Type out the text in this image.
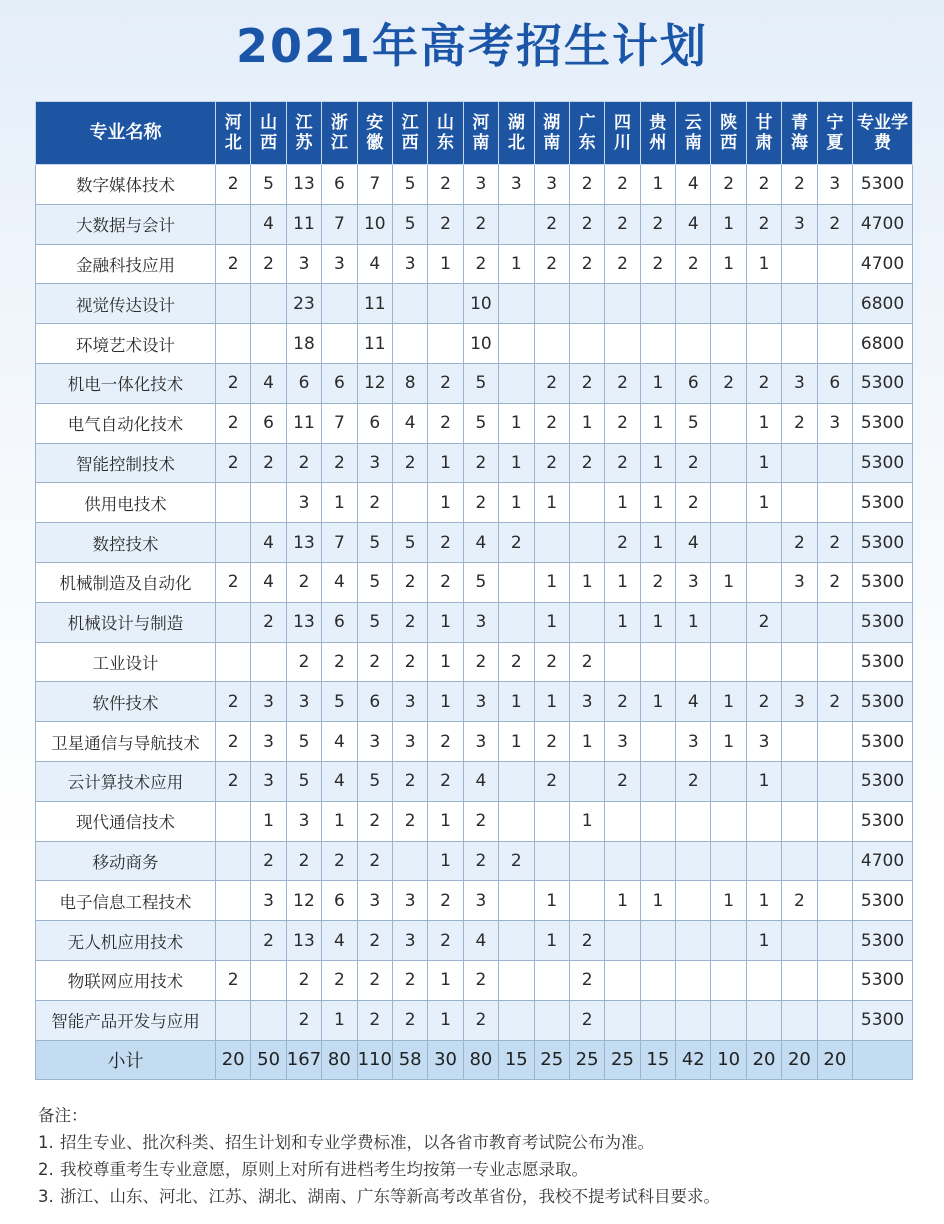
2021年高考招生计划
专业名称	河北	山西	江苏	浙江	安徽	江西	山东	河南	湖北	湖南	广东	四川	贵州	云南	陕西	甘肃	青海	宁夏	专业学费

数字媒体技术	2	5	13	6	7	5	2	3	3	3	2	2	1	4	2	2	2	3	5300
大数据与会计		4	11	7	10	5	2	2		2	2	2	2	4	1	2	3	2	4700
金融科技应用	2	2	3	3	4	3	1	2	1	2	2	2	2	2	1	1			4700
视觉传达设计			23		11			10											6800
环境艺术设计			18		11			10											6800
机电一体化技术	2	4	6	6	12	8	2	5		2	2	2	1	6	2	2	3	6	5300
电气自动化技术	2	6	11	7	6	4	2	5	1	2	1	2	1	5		1	2	3	5300
智能控制技术	2	2	2	2	3	2	1	2	1	2	2	2	1	2		1			5300
供用电技术			3	1	2		1	2	1	1		1	1	2		1			5300
数控技术		4	13	7	5	5	2	4	2			2	1	4			2	2	5300
机械制造及自动化	2	4	2	4	5	2	2	5		1	1	1	2	3	1		3	2	5300
机械设计与制造		2	13	6	5	2	1	3		1		1	1	1		2			5300
工业设计			2	2	2	2	1	2	2	2	2								5300
软件技术	2	3	3	5	6	3	1	3	1	1	3	2	1	4	1	2	3	2	5300
卫星通信与导航技术	2	3	5	4	3	3	2	3	1	2	1	3		3	1	3			5300
云计算技术应用	2	3	5	4	5	2	2	4		2		2		2		1			5300
现代通信技术		1	3	1	2	2	1	2			1								5300
移动商务		2	2	2	2		1	2	2										4700
电子信息工程技术		3	12	6	3	3	2	3		1		1	1		1	1	2		5300
无人机应用技术		2	13	4	2	3	2	4		1	2					1			5300
物联网应用技术	2		2	2	2	2	1	2			2								5300
智能产品开发与应用			2	1	2	2	1	2			2								5300
小计	20	50	167	80	110	58	30	80	15	25	25	25	15	42	10	20	20	20	
备注：
1. 招生专业、批次科类、招生计划和专业学费标准，以各省市教育考试院公布为准。
2. 我校尊重考生专业意愿，原则上对所有进档考生均按第一专业志愿录取。
3. 浙江、山东、河北、江苏、湖北、湖南、广东等新高考改革省份，我校不提考试科目要求。
